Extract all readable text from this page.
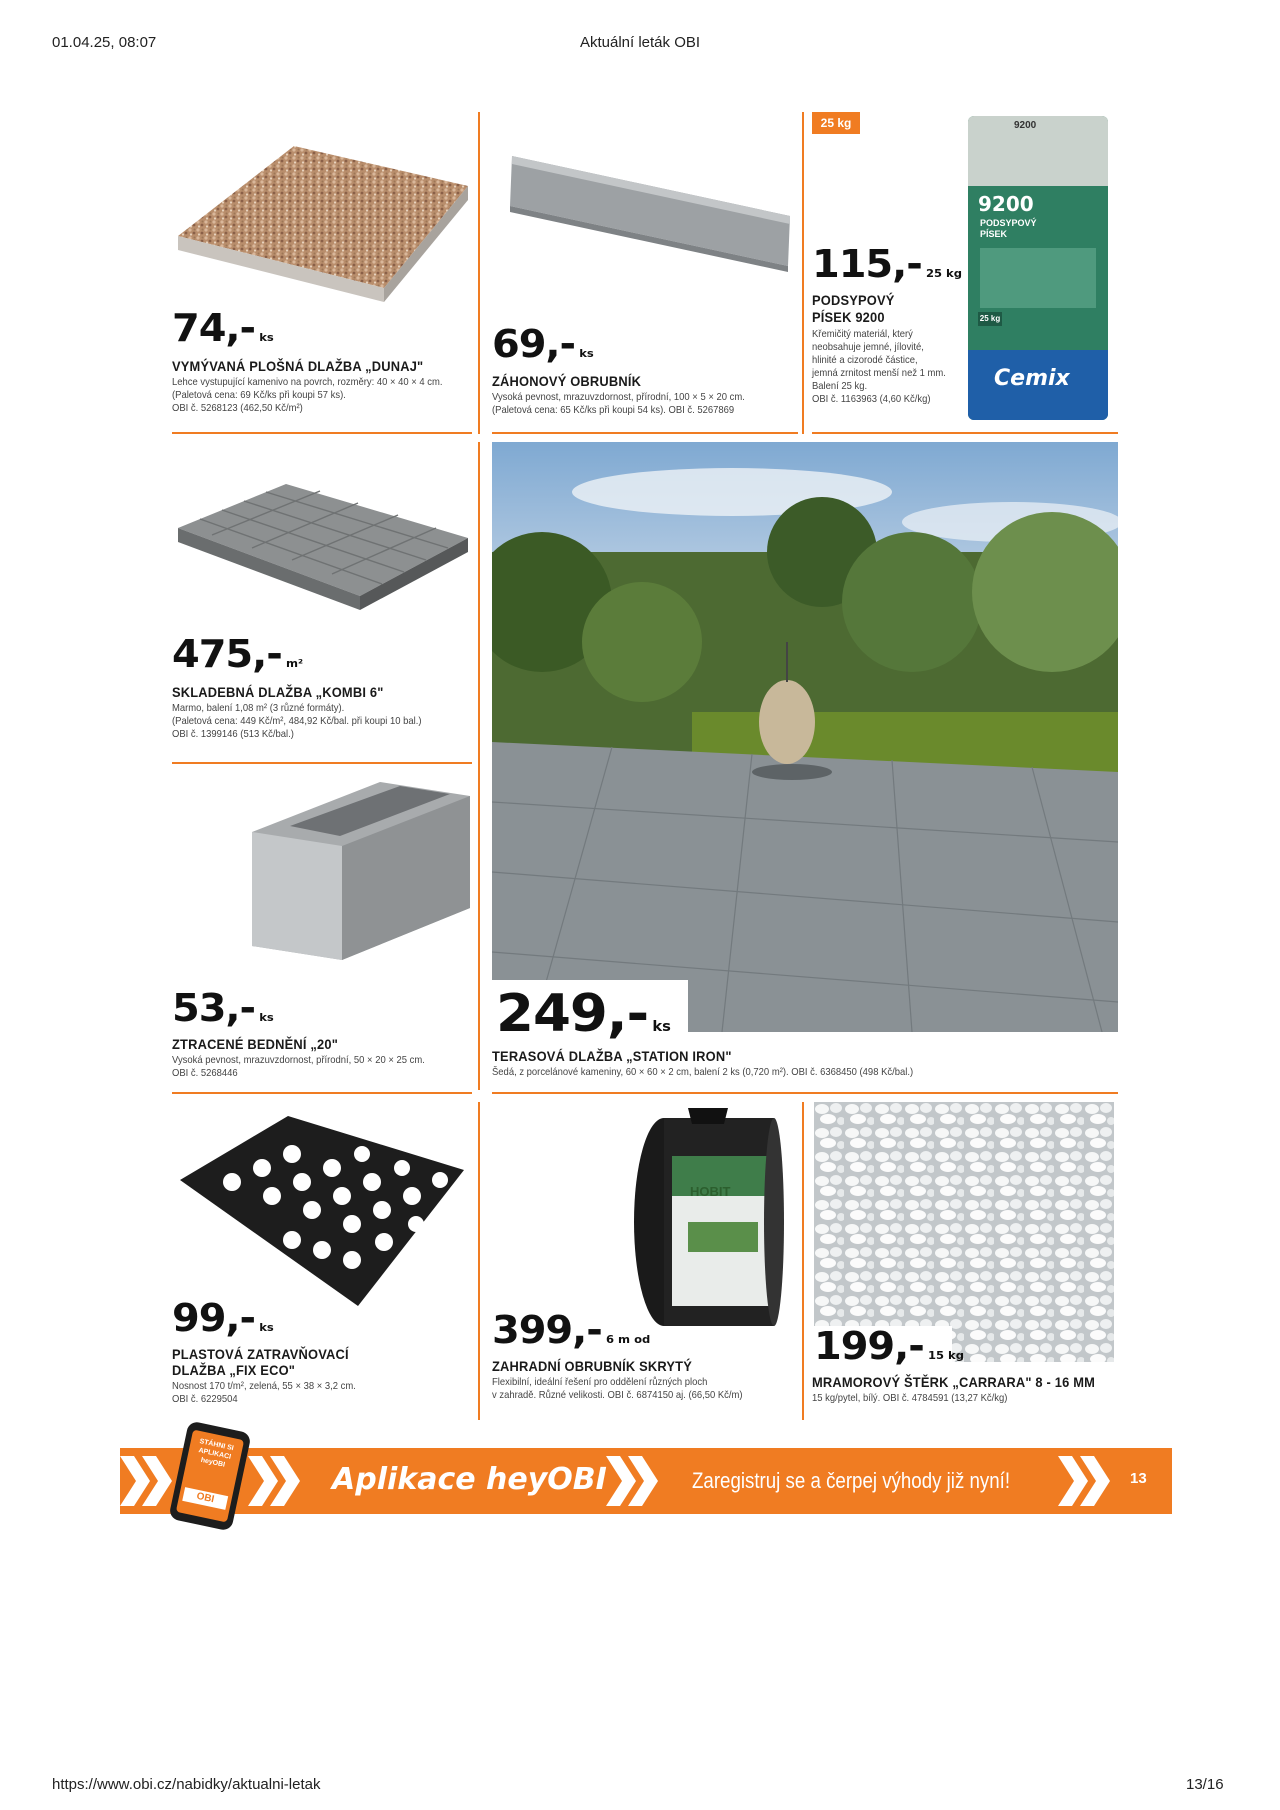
01.04.25, 08:07	Aktuální leták OBI
74,- ks
VYMÝVANÁ PLOŠNÁ DLAŽBA „DUNAJ"
Lehce vystupující kamenivo na povrch, rozměry: 40 × 40 × 4 cm.
(Paletová cena: 69 Kč/ks při koupi 57 ks).
OBI č. 5268123 (462,50 Kč/m²)
69,- ks
ZÁHONOVÝ OBRUBNÍK
Vysoká pevnost, mrazuvzdornost, přírodní, 100 × 5 × 20 cm.
(Paletová cena: 65 Kč/ks při koupi 54 ks). OBI č. 5267869
25 kg
115,- 25 kg
PODSYPOVÝ
PÍSEK 9200
Křemičitý materiál, který
neobsahuje jemné, jílovité,
hlinité a cizorodé částice,
jemná zrnitost menší než 1 mm.
Balení 25 kg.
OBI č. 1163963 (4,60 Kč/kg)
9200
9200
PODSYPOVÝ
PÍSEK
25 kg
Cemix
475,- m²
SKLADEBNÁ DLAŽBA „KOMBI 6"
Marmo, balení 1,08 m² (3 různé formáty).
(Paletová cena: 449 Kč/m², 484,92 Kč/bal. při koupi 10 bal.)
OBI č. 1399146 (513 Kč/bal.)
53,- ks
ZTRACENÉ BEDNĚNÍ „20"
Vysoká pevnost, mrazuvzdornost, přírodní, 50 × 20 × 25 cm.
OBI č. 5268446
249,- ks
TERASOVÁ DLAŽBA „STATION IRON"
Šedá, z porcelánové kameniny, 60 × 60 × 2 cm, balení 2 ks (0,720 m²). OBI č. 6368450 (498 Kč/bal.)
99,- ks
PLASTOVÁ ZATRAVŇOVACÍ
DLAŽBA „FIX ECO"
Nosnost 170 t/m², zelená, 55 × 38 × 3,2 cm.
OBI č. 6229504
HOBIT
399,- 6 m od
ZAHRADNÍ OBRUBNÍK SKRYTÝ
Flexibilní, ideální řešení pro oddělení různých ploch
v zahradě. Různé velikosti. OBI č. 6874150 aj. (66,50 Kč/m)
199,- 15 kg
MRAMOROVÝ ŠTĚRK „CARRARA" 8 - 16 MM
15 kg/pytel, bílý. OBI č. 4784591 (13,27 Kč/kg)
STÁHNI SI APLIKACI heyOBI
OBI
Aplikace heyOBI	Zaregistruj se a čerpej výhody již nyní!	13
https://www.obi.cz/nabidky/aktualni-letak	13/16
